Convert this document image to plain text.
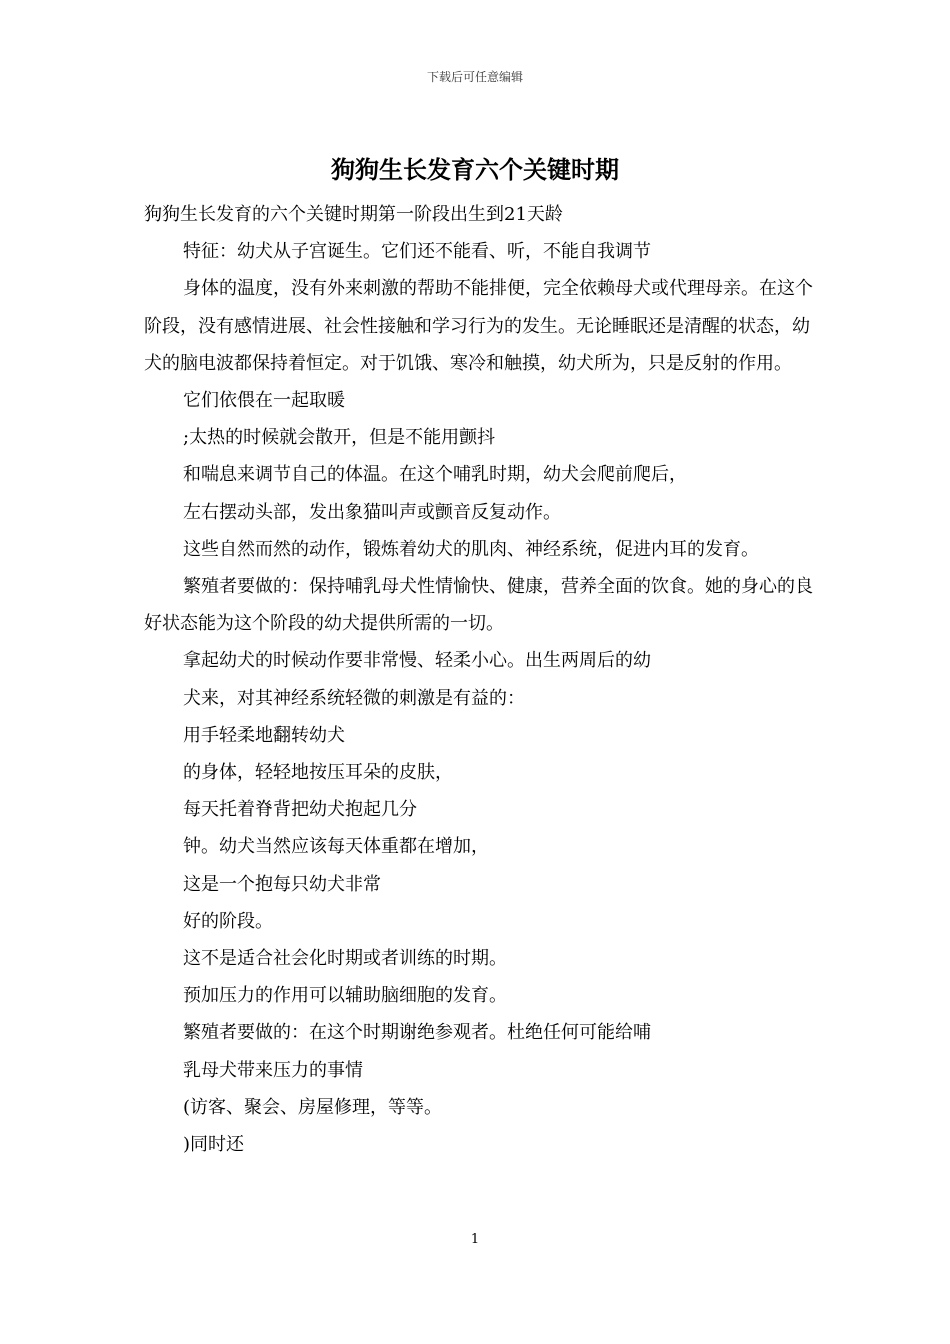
下载后可任意编辑
狗狗生长发育六个关键时期

狗狗生长发育的六个关键时期第一阶段出生到21天龄

特征：幼犬从子宫诞生。它们还不能看、听，不能自我调节

身体的温度，没有外来刺激的帮助不能排便，完全依赖母犬或代理母亲。在这个阶段，没有感情进展、社会性接触和学习行为的发生。无论睡眠还是清醒的状态，幼犬的脑电波都保持着恒定。对于饥饿、寒冷和触摸，幼犬所为，只是反射的作用。

它们依偎在一起取暖

;太热的时候就会散开，但是不能用颤抖

和喘息来调节自己的体温。在这个哺乳时期，幼犬会爬前爬后，

左右摆动头部，发出象猫叫声或颤音反复动作。

这些自然而然的动作，锻炼着幼犬的肌肉、神经系统，促进内耳的发育。

繁殖者要做的：保持哺乳母犬性情愉快、健康，营养全面的饮食。她的身心的良好状态能为这个阶段的幼犬提供所需的一切。

拿起幼犬的时候动作要非常慢、轻柔小心。出生两周后的幼

犬来，对其神经系统轻微的刺激是有益的：

用手轻柔地翻转幼犬

的身体，轻轻地按压耳朵的皮肤，

每天托着脊背把幼犬抱起几分

钟。幼犬当然应该每天体重都在增加，

这是一个抱每只幼犬非常

好的阶段。

这不是适合社会化时期或者训练的时期。

预加压力的作用可以辅助脑细胞的发育。

繁殖者要做的：在这个时期谢绝参观者。杜绝任何可能给哺

乳母犬带来压力的事情

(访客、聚会、房屋修理，等等。

)同时还

1
